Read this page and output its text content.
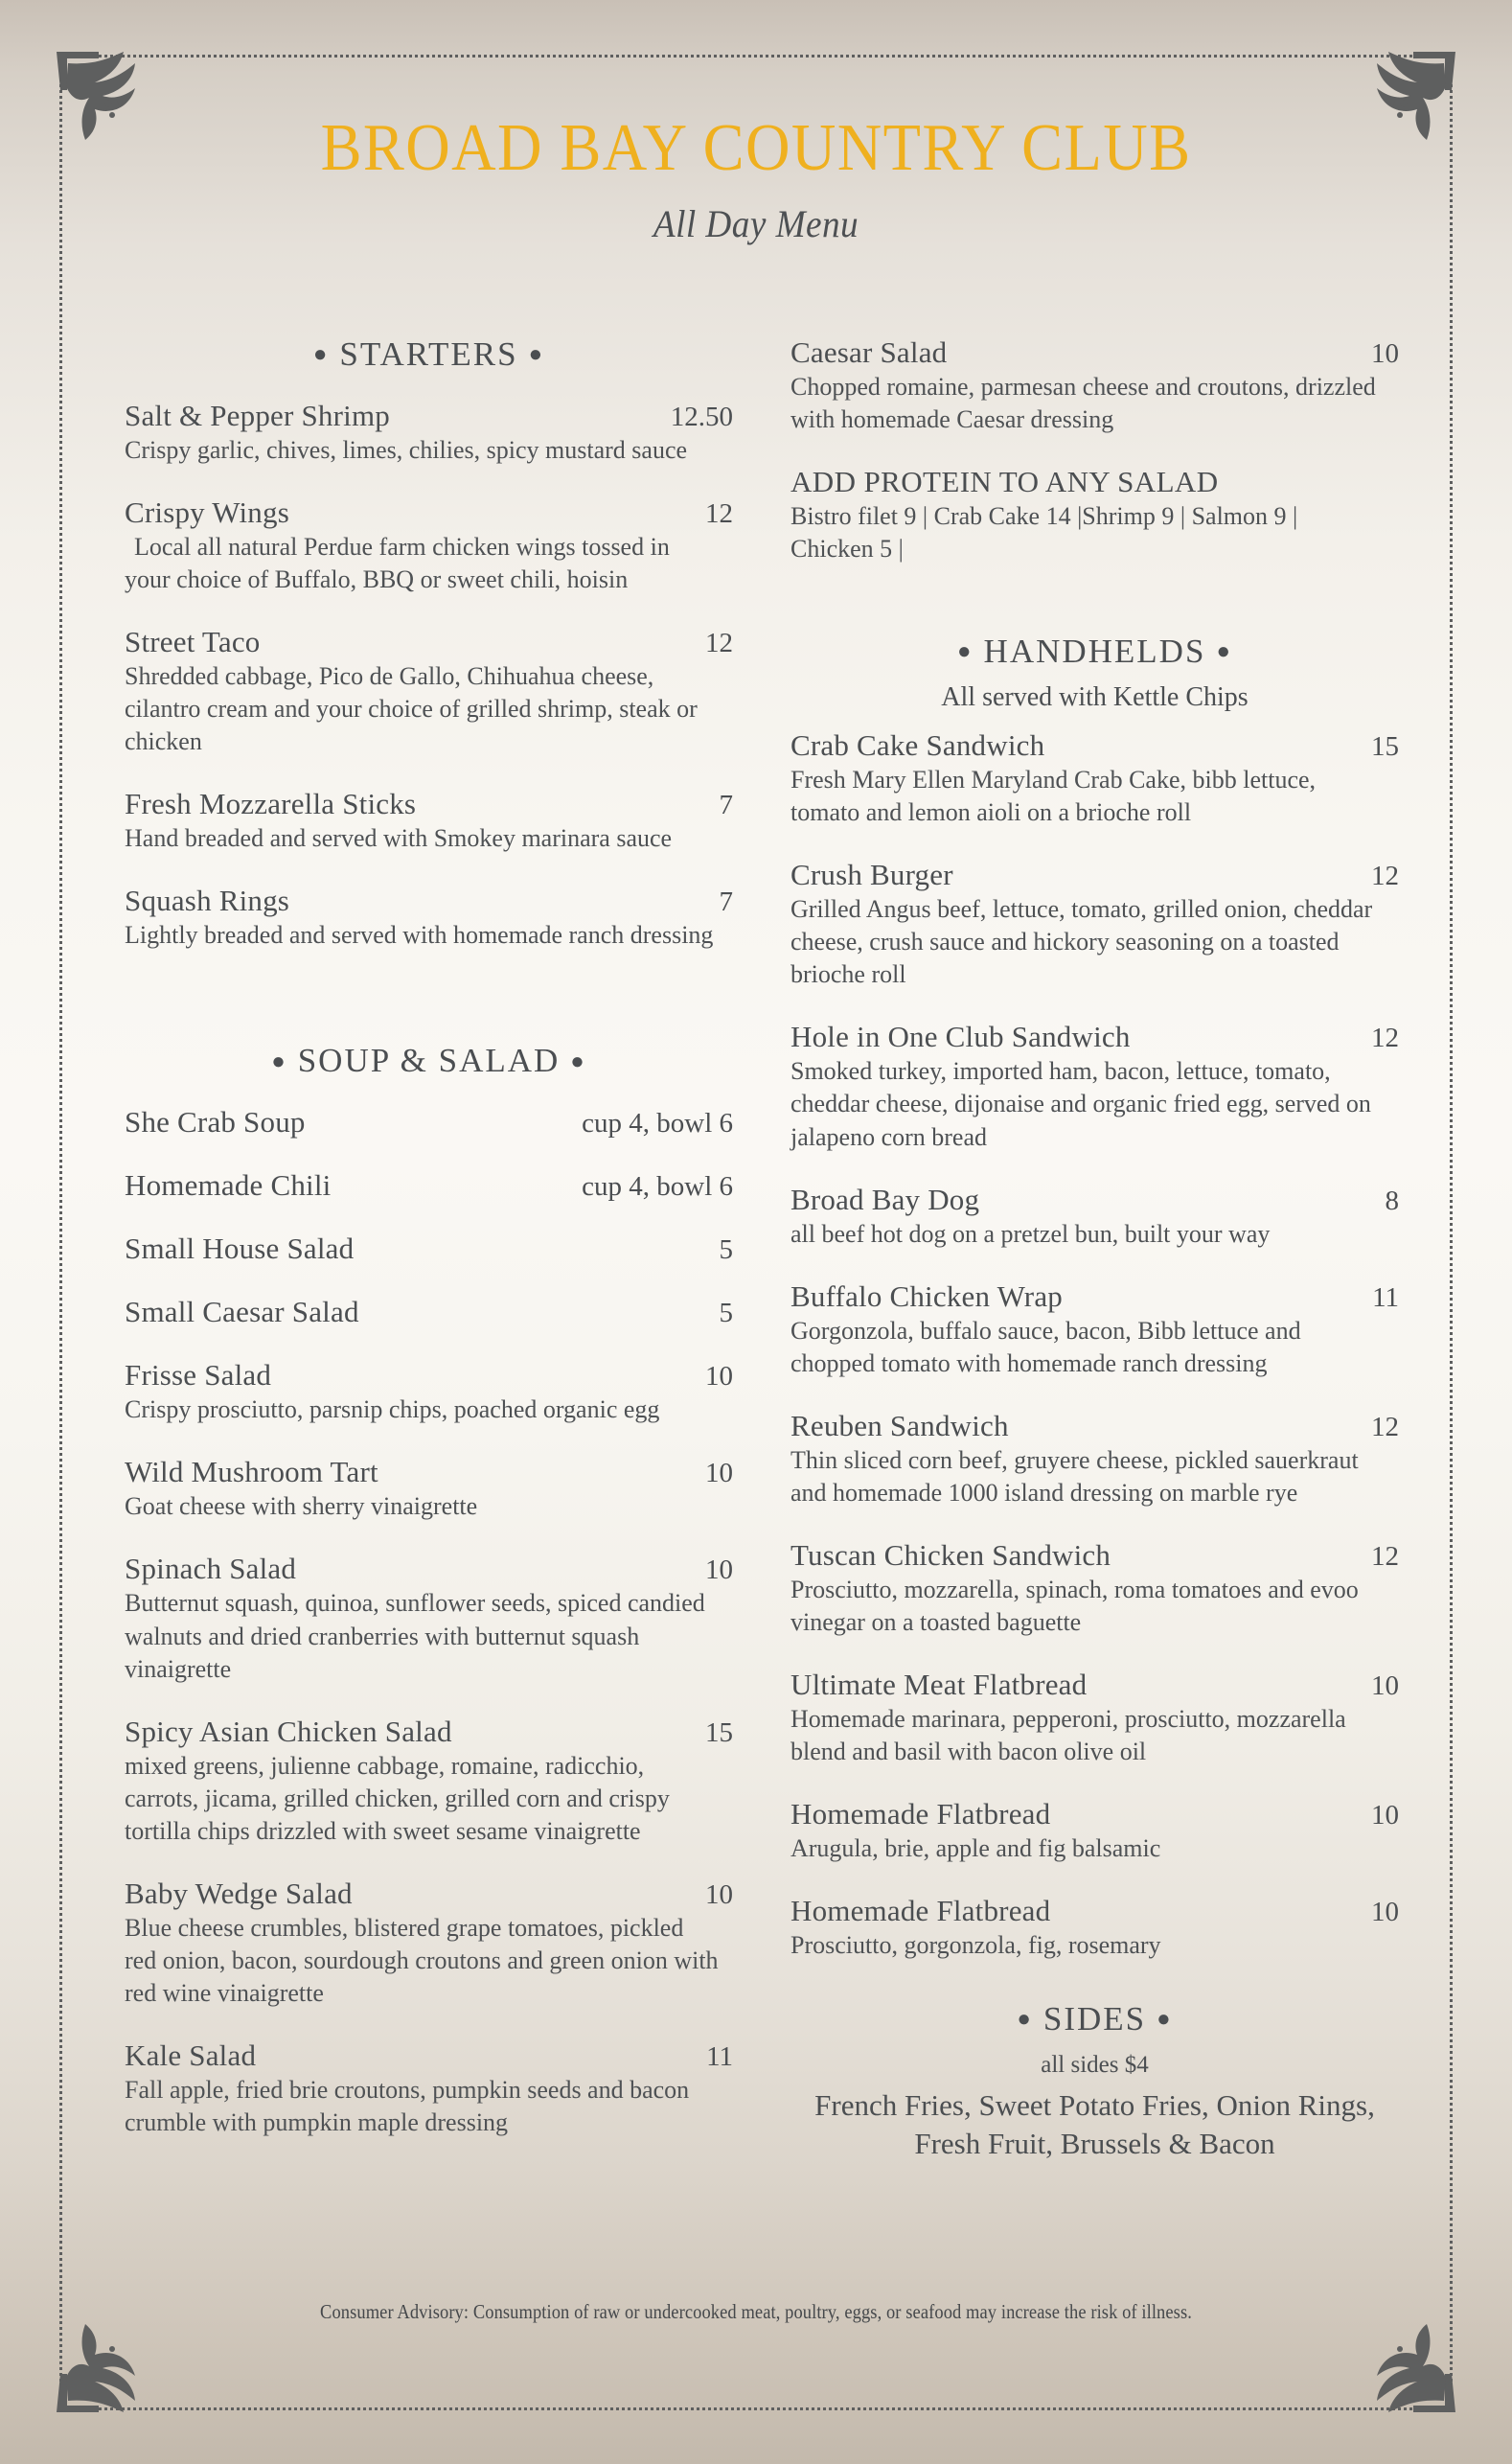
BROAD BAY COUNTRY CLUB
All Day Menu
● STARTERS ●
Salt & Pepper Shrimp	12.50
Crispy garlic, chives, limes, chilies, spicy mustard sauce
Crispy Wings	12
Local all natural Perdue farm chicken wings tossed in your choice of Buffalo, BBQ or sweet chili, hoisin
Street Taco	12
Shredded cabbage, Pico de Gallo, Chihuahua cheese, cilantro cream and your choice of grilled shrimp, steak or chicken
Fresh Mozzarella Sticks	7
Hand breaded and served with Smokey marinara sauce
Squash Rings	7
Lightly breaded and served with homemade ranch dressing
● SOUP & SALAD ●
She Crab Soup	cup 4, bowl 6
Homemade Chili	cup 4, bowl 6
Small House Salad	5
Small Caesar Salad	5
Frisse Salad	10
Crispy prosciutto, parsnip chips, poached organic egg
Wild Mushroom Tart	10
Goat cheese with sherry vinaigrette
Spinach Salad	10
Butternut squash, quinoa, sunflower seeds, spiced candied walnuts and dried cranberries with butternut squash vinaigrette
Spicy Asian Chicken Salad	15
mixed greens, julienne cabbage, romaine, radicchio, carrots, jicama, grilled chicken, grilled corn and crispy tortilla chips drizzled with sweet sesame vinaigrette
Baby Wedge Salad	10
Blue cheese crumbles, blistered grape tomatoes, pickled red onion, bacon, sourdough croutons and green onion with red wine vinaigrette
Kale Salad	11
Fall apple, fried brie croutons, pumpkin seeds and bacon crumble with pumpkin maple dressing
Caesar Salad	10
Chopped romaine, parmesan cheese and croutons, drizzled with homemade Caesar dressing
ADD PROTEIN TO ANY SALAD
Bistro filet 9 | Crab Cake 14 |Shrimp 9 | Salmon 9 | Chicken 5 |
● HANDHELDS ●
All served with Kettle Chips
Crab Cake Sandwich	15
Fresh Mary Ellen Maryland Crab Cake, bibb lettuce, tomato and lemon aioli on a brioche roll
Crush Burger	12
Grilled Angus beef, lettuce, tomato, grilled onion, cheddar cheese, crush sauce and hickory seasoning on a toasted brioche roll
Hole in One Club Sandwich	12
Smoked turkey, imported ham, bacon, lettuce, tomato, cheddar cheese, dijonaise and organic fried egg, served on jalapeno corn bread
Broad Bay Dog	8
all beef hot dog on a pretzel bun, built your way
Buffalo Chicken Wrap	11
Gorgonzola, buffalo sauce, bacon, Bibb lettuce and chopped tomato with homemade ranch dressing
Reuben Sandwich	12
Thin sliced corn beef, gruyere cheese, pickled sauerkraut and homemade 1000 island dressing on marble rye
Tuscan Chicken Sandwich	12
Prosciutto, mozzarella, spinach, roma tomatoes and evoo vinegar on a toasted baguette
Ultimate Meat Flatbread	10
Homemade marinara, pepperoni, prosciutto, mozzarella blend and basil with bacon olive oil
Homemade Flatbread	10
Arugula, brie, apple and fig balsamic
Homemade Flatbread	10
Prosciutto, gorgonzola, fig, rosemary
● SIDES ●
all sides $4
French Fries, Sweet Potato Fries, Onion Rings, Fresh Fruit, Brussels & Bacon
Consumer Advisory: Consumption of raw or undercooked meat, poultry, eggs, or seafood may increase the risk of illness.
